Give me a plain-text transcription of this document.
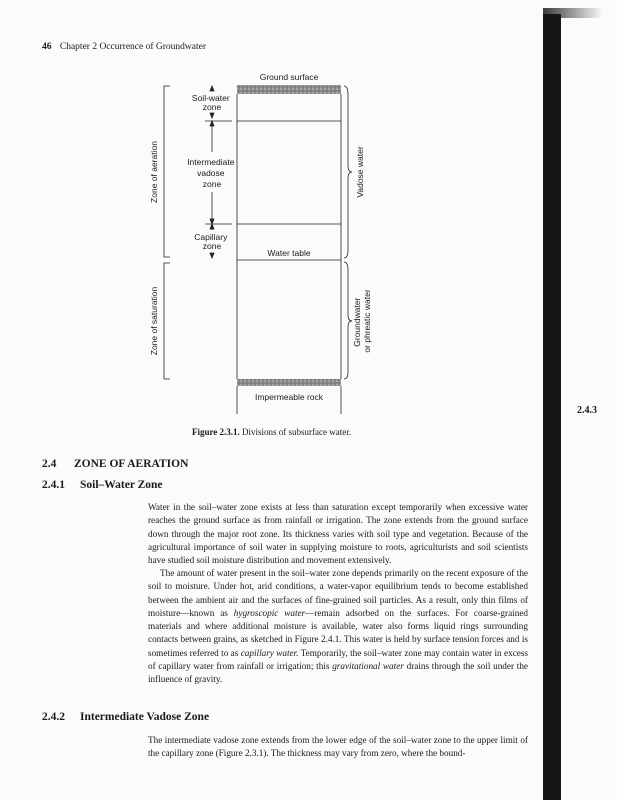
46 Chapter 2 Occurrence of Groundwater
2.4.3
Ground surface
Impermeable rock
Soil-water zone
Intermediate vadose zone
Capillary zone
Water table
Zone of aeration
Zone of saturation
Vadose water
Groundwater or phreatic water
Figure 2.3.1. Divisions of subsurface water.
2.4 ZONE OF AERATION
2.4.1 Soil–Water Zone

Water in the soil–water zone exists at less than saturation except temporarily when excessive water reaches the ground surface as from rainfall or irrigation. The zone extends from the ground surface down through the major root zone. Its thickness varies with soil type and vegetation. Because of the agricultural importance of soil water in supplying moisture to roots, agriculturists and soil scientists have studied soil moisture distribution and movement extensively.

The amount of water present in the soil–water zone depends primarily on the recent exposure of the soil to moisture. Under hot, arid conditions, a water-vapor equilibrium tends to become established between the ambient air and the surfaces of fine-grained soil particles. As a result, only thin films of moisture—known as hygroscopic water—remain adsorbed on the surfaces. For coarse-grained materials and where additional moisture is available, water also forms liquid rings surrounding contacts between grains, as sketched in Figure 2.4.1. This water is held by surface tension forces and is sometimes referred to as capillary water. Temporarily, the soil–water zone may contain water in excess of capillary water from rainfall or irrigation; this gravitational water drains through the soil under the influence of gravity.

2.4.2 Intermediate Vadose Zone

The intermediate vadose zone extends from the lower edge of the soil–water zone to the upper limit of the capillary zone (Figure 2.3.1). The thickness may vary from zero, where the bound-
